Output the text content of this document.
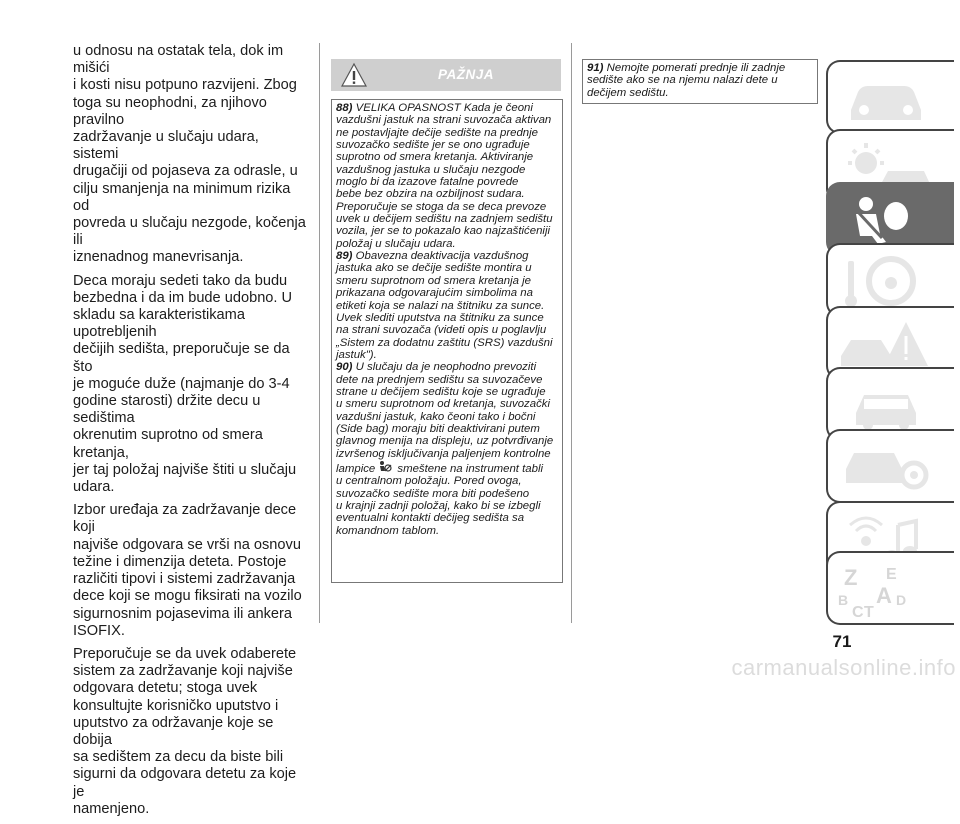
u odnosu na ostatak tela, dok im mišići
i kosti nisu potpuno razvijeni. Zbog
toga su neophodni, za njihovo pravilno
zadržavanje u slučaju udara, sistemi
drugačiji od pojaseva za odrasle, u
cilju smanjenja na minimum rizika od
povreda u slučaju nezgode, kočenja ili
iznenadnog manevrisanja.

Deca moraju sedeti tako da budu
bezbedna i da im bude udobno. U
skladu sa karakteristikama upotrebljenih
dečijih sedišta, preporučuje se da što
je moguće duže (najmanje do 3-4
godine starosti) držite decu u sedištima
okrenutim suprotno od smera kretanja,
jer taj položaj najviše štiti u slučaju
udara.

Izbor uređaja za zadržavanje dece koji
najviše odgovara se vrši na osnovu
težine i dimenzija deteta. Postoje
različiti tipovi i sistemi zadržavanja
dece koji se mogu fiksirati na vozilo
sigurnosnim pojasevima ili ankera
ISOFIX.

Preporučuje se da uvek odaberete
sistem za zadržavanje koji najviše
odgovara detetu; stoga uvek
konsultujte korisničko uputstvo i
uputstvo za održavanje koje se dobija
sa sedištem za decu da biste bili
sigurni da odgovara detetu za koje je
namenjeno.

PAŽNJA
88) VELIKA OPASNOST Kada je čeoni
vazdušni jastuk na strani suvozača aktivan
ne postavljajte dečije sedište na prednje
suvozačko sedište jer se ono ugrađuje
suprotno od smera kretanja. Aktiviranje
vazdušnog jastuka u slučaju nezgode
moglo bi da izazove fatalne povrede
bebe bez obzira na ozbiljnost sudara.
Preporučuje se stoga da se deca prevoze
uvek u dečijem sedištu na zadnjem sedištu
vozila, jer se to pokazalo kao najzaštićeniji
položaj u slučaju udara.
89) Obavezna deaktivacija vazdušnog
jastuka ako se dečije sedište montira u
smeru suprotnom od smera kretanja je
prikazana odgovarajućim simbolima na
etiketi koja se nalazi na štitniku za sunce.
Uvek slediti uputstva na štitniku za sunce
na strani suvozača (videti opis u poglavlju
„Sistem za dodatnu zaštitu (SRS) vazdušni
jastuk").
90) U slučaju da je neophodno prevoziti
dete na prednjem sedištu sa suvozačeve
strane u dečijem sedištu koje se ugrađuje
u smeru suprotnom od kretanja, suvozački
vazdušni jastuk, kako čeoni tako i bočni
(Side bag) moraju biti deaktivirani putem
glavnog menija na displeju, uz potvrđivanje
izvršenog isključivanja paljenjem kontrolne
lampice smeštene na instrument tabli
u centralnom položaju. Pored ovoga,
suvozačko sedište mora biti podešeno
u krajnji zadnji položaj, kako bi se izbegli
eventualni kontakti dečijeg sedišta sa
komandnom tablom.
91) Nemojte pomerati prednje ili zadnje
sedište ako se na njemu nalazi dete u
dečijem sedištu.
Z E
B A
C T
D
71
carmanualsonline.info
